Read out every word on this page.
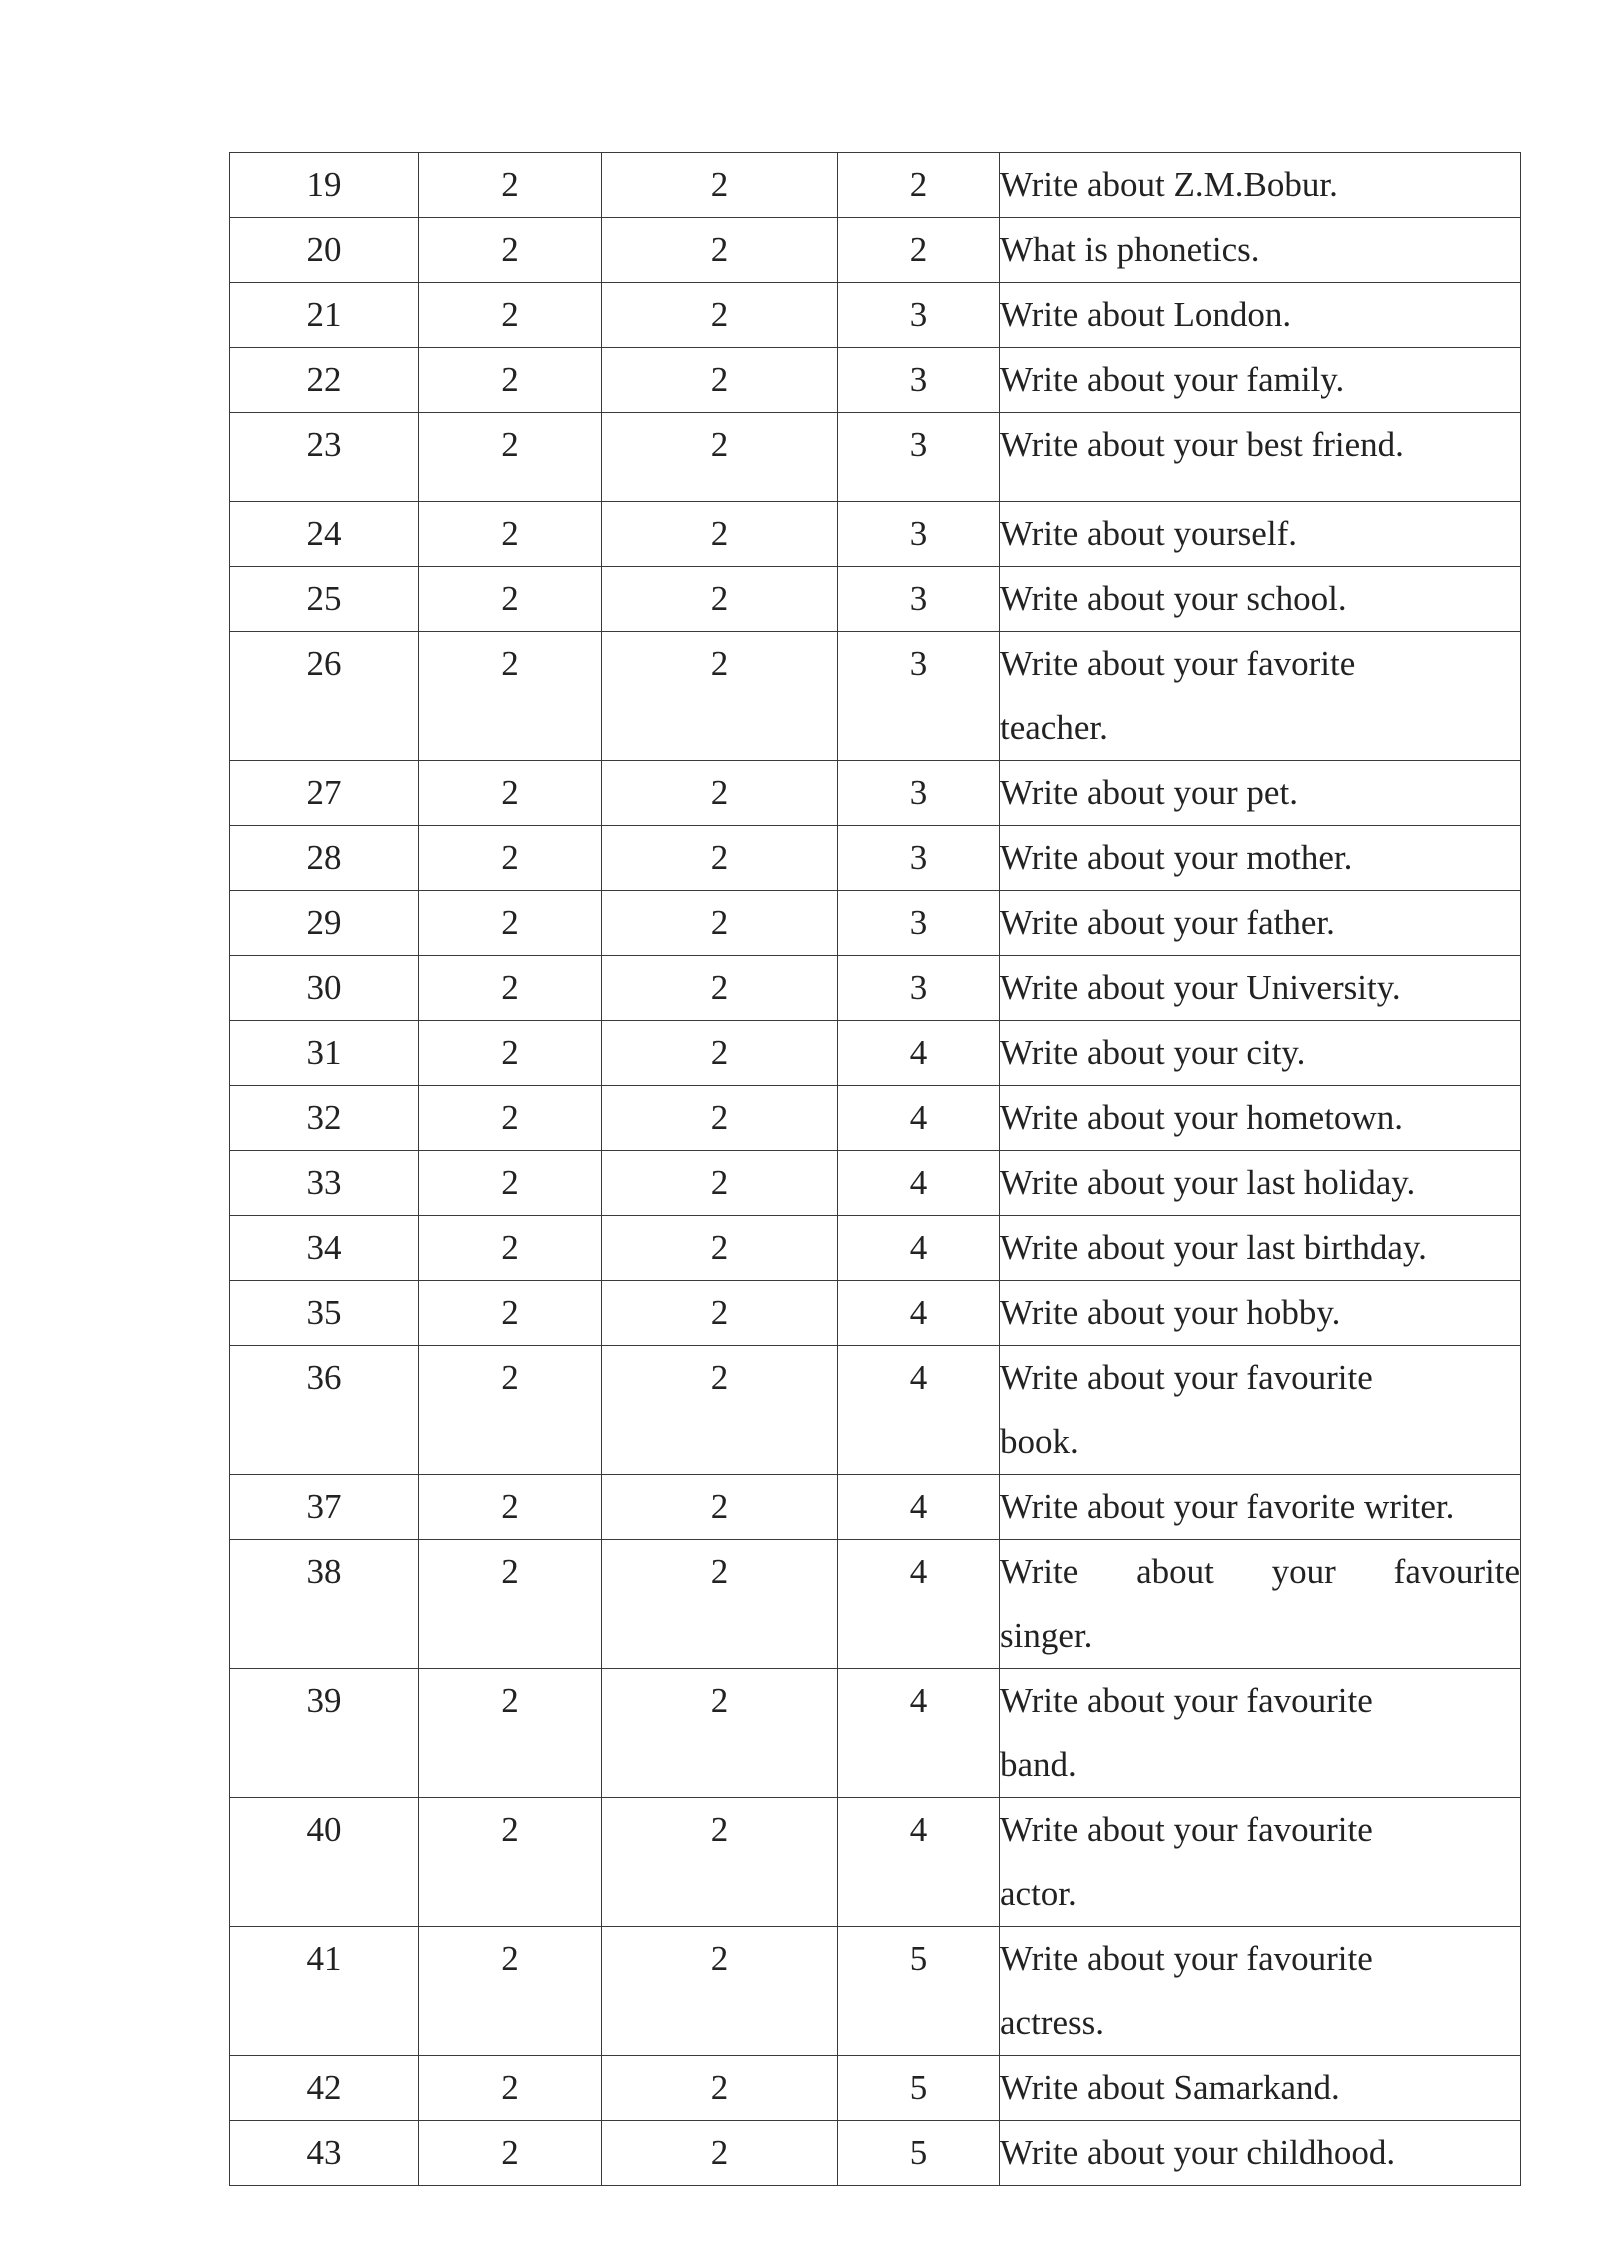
19	2	2	2	Write about Z.M.Bobur.
20	2	2	2	What is phonetics.
21	2	2	3	Write about London.
22	2	2	3	Write about your family.
23	2	2	3	Write about your best friend.
24	2	2	3	Write about yourself.
25	2	2	3	Write about your school.
26	2	2	3	Write about your favorite
teacher.

27	2	2	3	Write about your pet.
28	2	2	3	Write about your mother.
29	2	2	3	Write about your father.
30	2	2	3	Write about your University.
31	2	2	4	Write about your city.
32	2	2	4	Write about your hometown.
33	2	2	4	Write about your last holiday.
34	2	2	4	Write about your last birthday.
35	2	2	4	Write about your hobby.
36	2	2	4	Write about your favourite
book.

37	2	2	4	Write about your favorite writer.
38	2	2	4	Write about your favourite
singer.

39	2	2	4	Write about your favourite
band.

40	2	2	4	Write about your favourite
actor.

41	2	2	5	Write about your favourite
actress.

42	2	2	5	Write about Samarkand.
43	2	2	5	Write about your childhood.
